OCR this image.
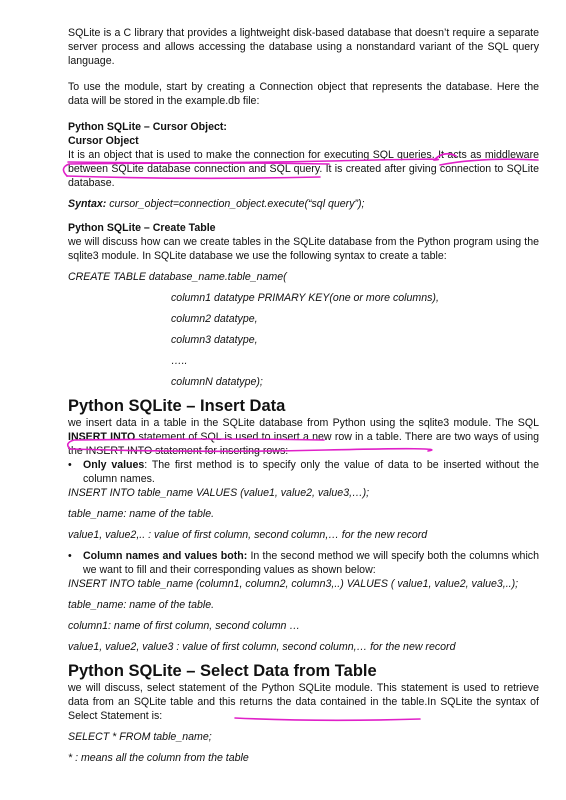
SQLite is a C library that provides a lightweight disk-based database that doesn’t require a separate server process and allows accessing the database using a nonstandard variant of the SQL query language.

To use the module, start by creating a Connection object that represents the database. Here the data will be stored in the example.db file:

Python SQLite – Cursor Object:

Cursor Object

It is an object that is used to make the connection for executing SQL queries. It acts as middleware between SQLite database connection and SQL query. It is created after giving connection to SQLite database.

Syntax: cursor_object=connection_object.execute(“sql query”);

Python SQLite – Create Table

we will discuss how can we create tables in the SQLite database from the Python program using the sqlite3 module. In SQLite database we use the following syntax to create a table:

CREATE TABLE database_name.table_name(

column1 datatype PRIMARY KEY(one or more columns),

column2 datatype,

column3 datatype,

…..

columnN datatype);

Python SQLite – Insert Data

we insert data in a table in the SQLite database from Python using the sqlite3 module. The SQL INSERT INTO statement of SQL is used to insert a new row in a table. There are two ways of using the INSERT INTO statement for inserting rows:

• Only values: The first method is to specify only the value of data to be inserted without the column names.

INSERT INTO table_name VALUES (value1, value2, value3,…);

table_name: name of the table.

value1, value2,.. : value of first column, second column,… for the new record

• Column names and values both: In the second method we will specify both the columns which we want to fill and their corresponding values as shown below:

INSERT INTO table_name (column1, column2, column3,..) VALUES ( value1, value2, value3,..);

table_name: name of the table.

column1: name of first column, second column …

value1, value2, value3 : value of first column, second column,… for the new record

Python SQLite – Select Data from Table

we will discuss, select statement of the Python SQLite module. This statement is used to retrieve data from an SQLite table and this returns the data contained in the table.In SQLite the syntax of Select Statement is:

SELECT * FROM table_name;

* : means all the column from the table
